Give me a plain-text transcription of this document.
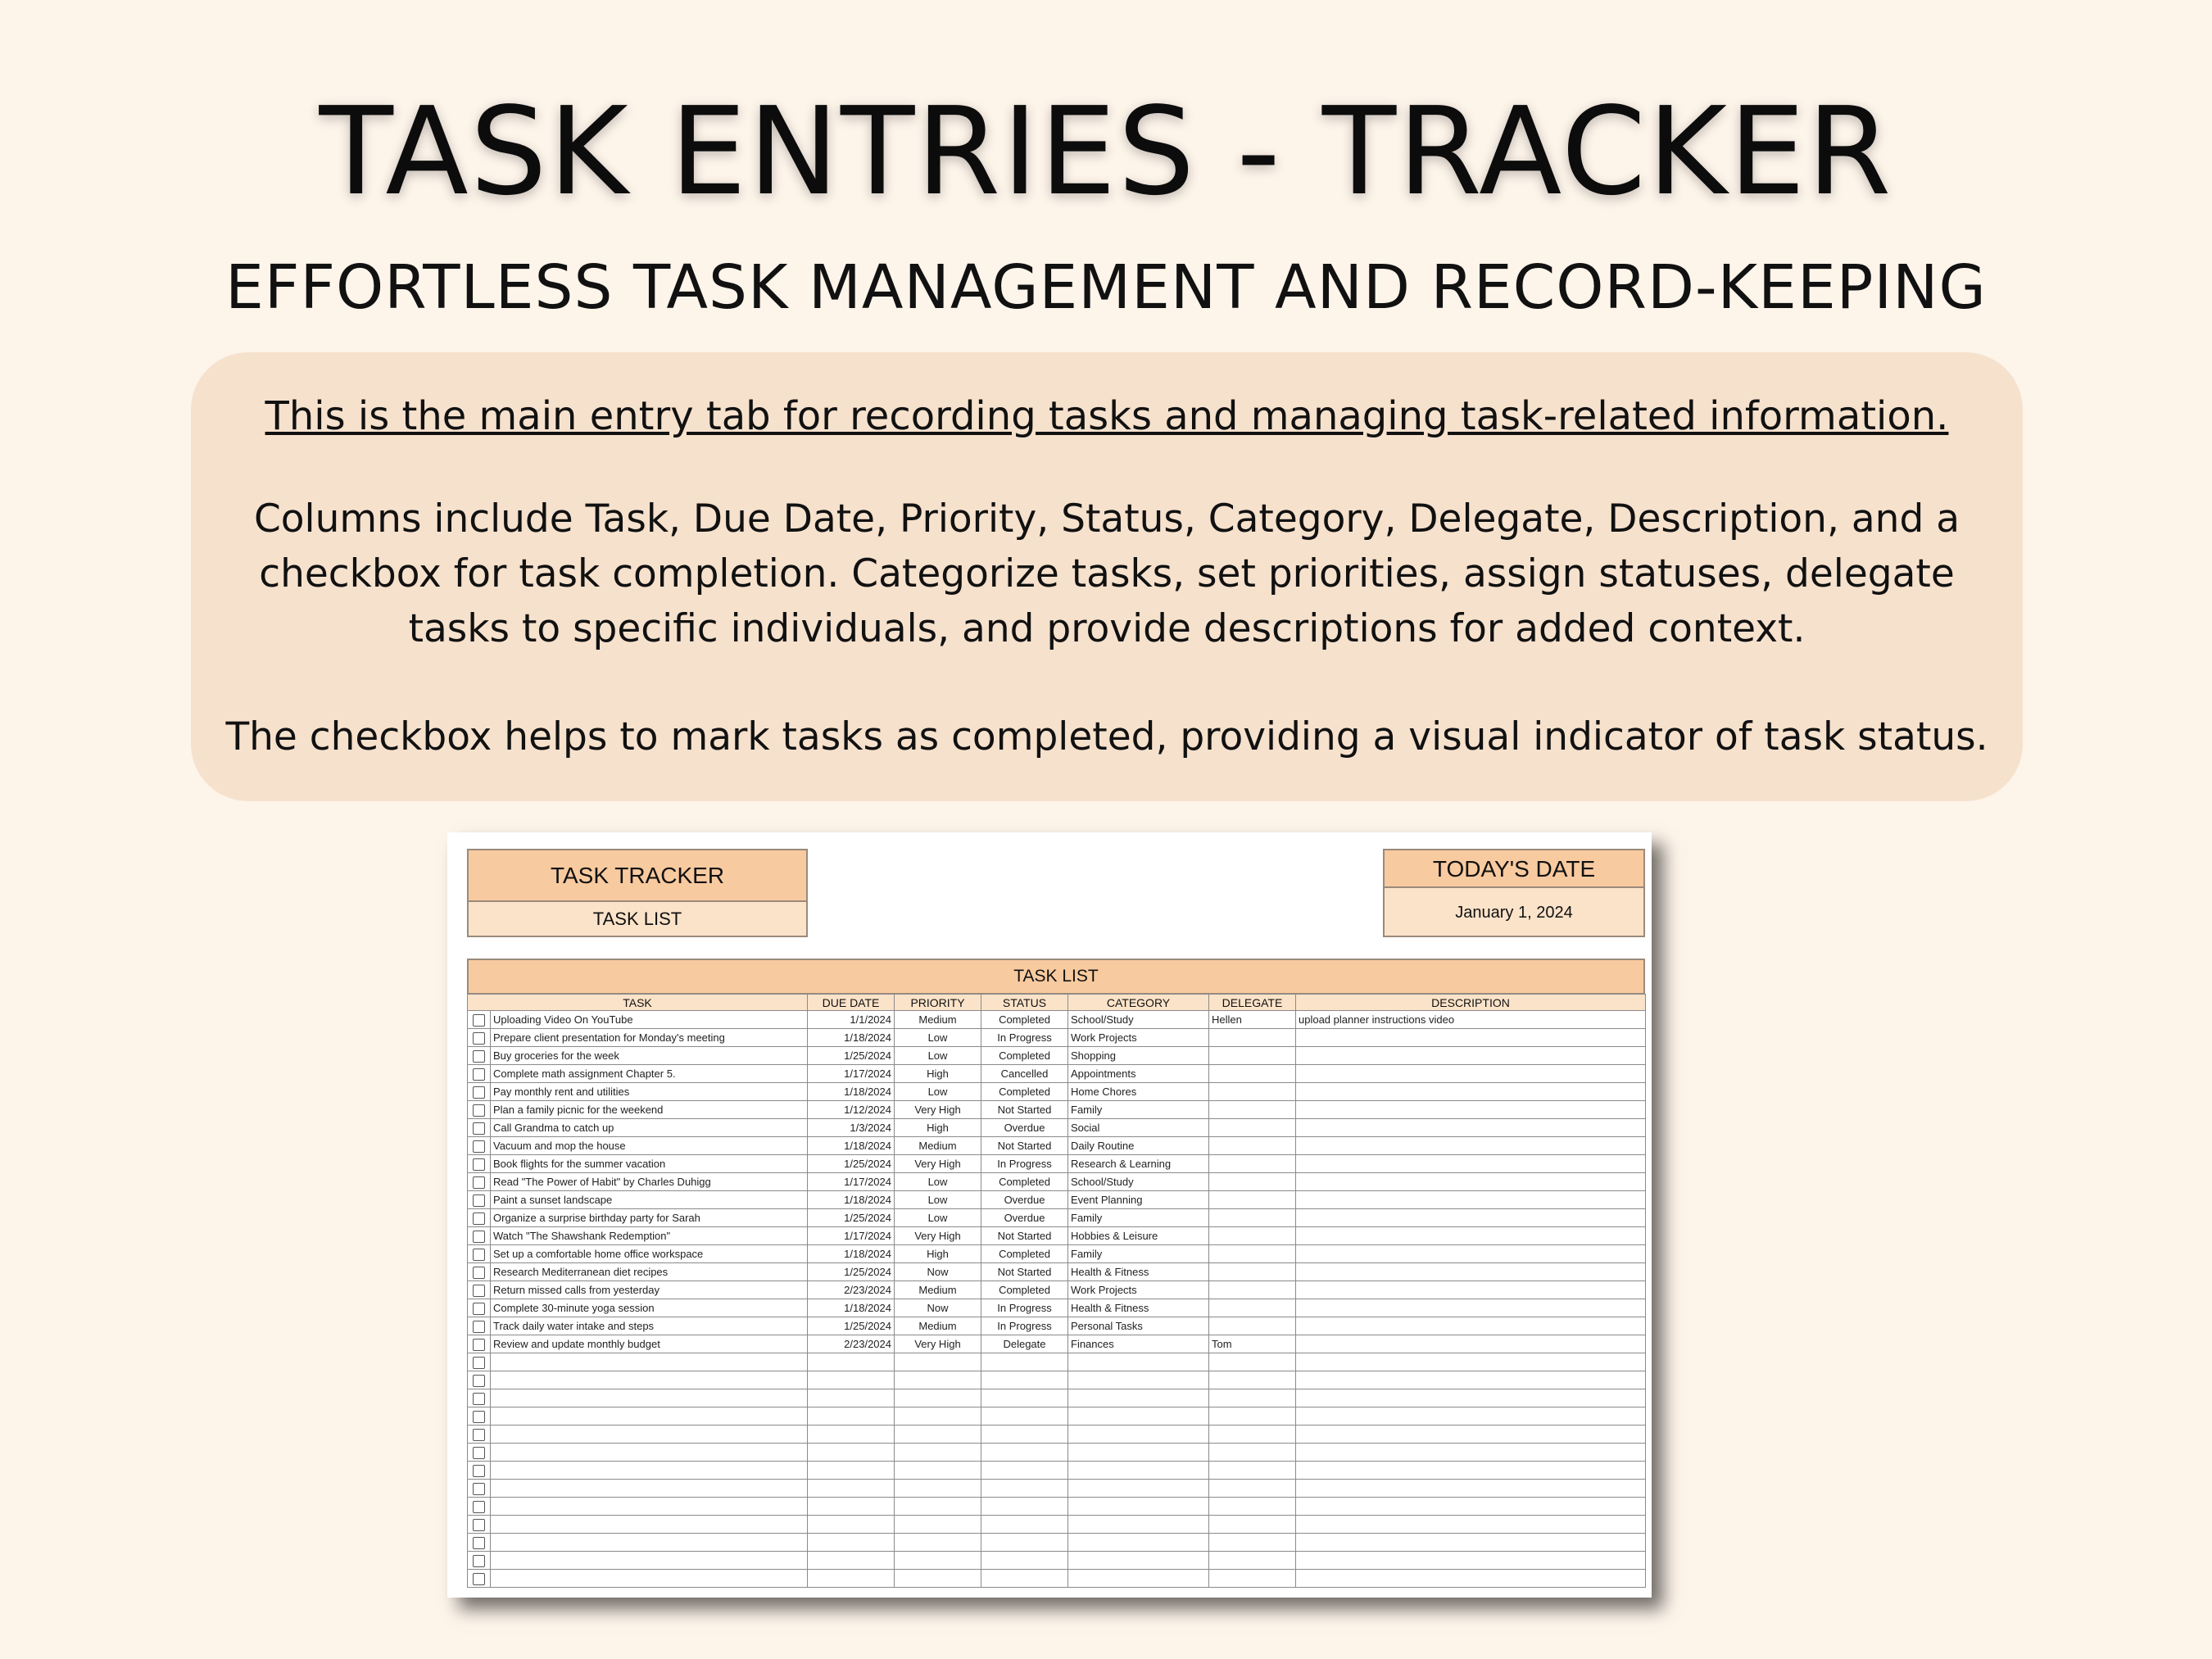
TASK ENTRIES - TRACKER
EFFORTLESS TASK MANAGEMENT AND RECORD-KEEPING

This is the main entry tab for recording tasks and managing task-related information.

Columns include Task, Due Date, Priority, Status, Category, Delegate, Description, and a checkbox for task completion. Categorize tasks, set priorities, assign statuses, delegate tasks to specific individuals, and provide descriptions for added context.

The checkbox helps to mark tasks as completed, providing a visual indicator of task status.

TASK TRACKER
TASK LIST
TODAY'S DATE
January 1, 2024
TASK LIST
TASK		DUE DATE	PRIORITY	STATUS	CATEGORY	DELEGATE	DESCRIPTION
	Uploading Video On YouTube	1/1/2024	Medium	Completed	School/Study	Hellen	upload planner instructions video
	Prepare client presentation for Monday's meeting	1/18/2024	Low	In Progress	Work Projects		
	Buy groceries for the week	1/25/2024	Low	Completed	Shopping		
	Complete math assignment Chapter 5.	1/17/2024	High	Cancelled	Appointments		
	Pay monthly rent and utilities	1/18/2024	Low	Completed	Home Chores		
	Plan a family picnic for the weekend	1/12/2024	Very High	Not Started	Family		
	Call Grandma to catch up	1/3/2024	High	Overdue	Social		
	Vacuum and mop the house	1/18/2024	Medium	Not Started	Daily Routine		
	Book flights for the summer vacation	1/25/2024	Very High	In Progress	Research & Learning		
	Read "The Power of Habit" by Charles Duhigg	1/17/2024	Low	Completed	School/Study		
	Paint a sunset landscape	1/18/2024	Low	Overdue	Event Planning		
	Organize a surprise birthday party for Sarah	1/25/2024	Low	Overdue	Family		
	Watch "The Shawshank Redemption"	1/17/2024	Very High	Not Started	Hobbies & Leisure		
	Set up a comfortable home office workspace	1/18/2024	High	Completed	Family		
	Research Mediterranean diet recipes	1/25/2024	Now	Not Started	Health & Fitness		
	Return missed calls from yesterday	2/23/2024	Medium	Completed	Work Projects		
	Complete 30-minute yoga session	1/18/2024	Now	In Progress	Health & Fitness		
	Track daily water intake and steps	1/25/2024	Medium	In Progress	Personal Tasks		
	Review and update monthly budget	2/23/2024	Very High	Delegate	Finances	Tom	
